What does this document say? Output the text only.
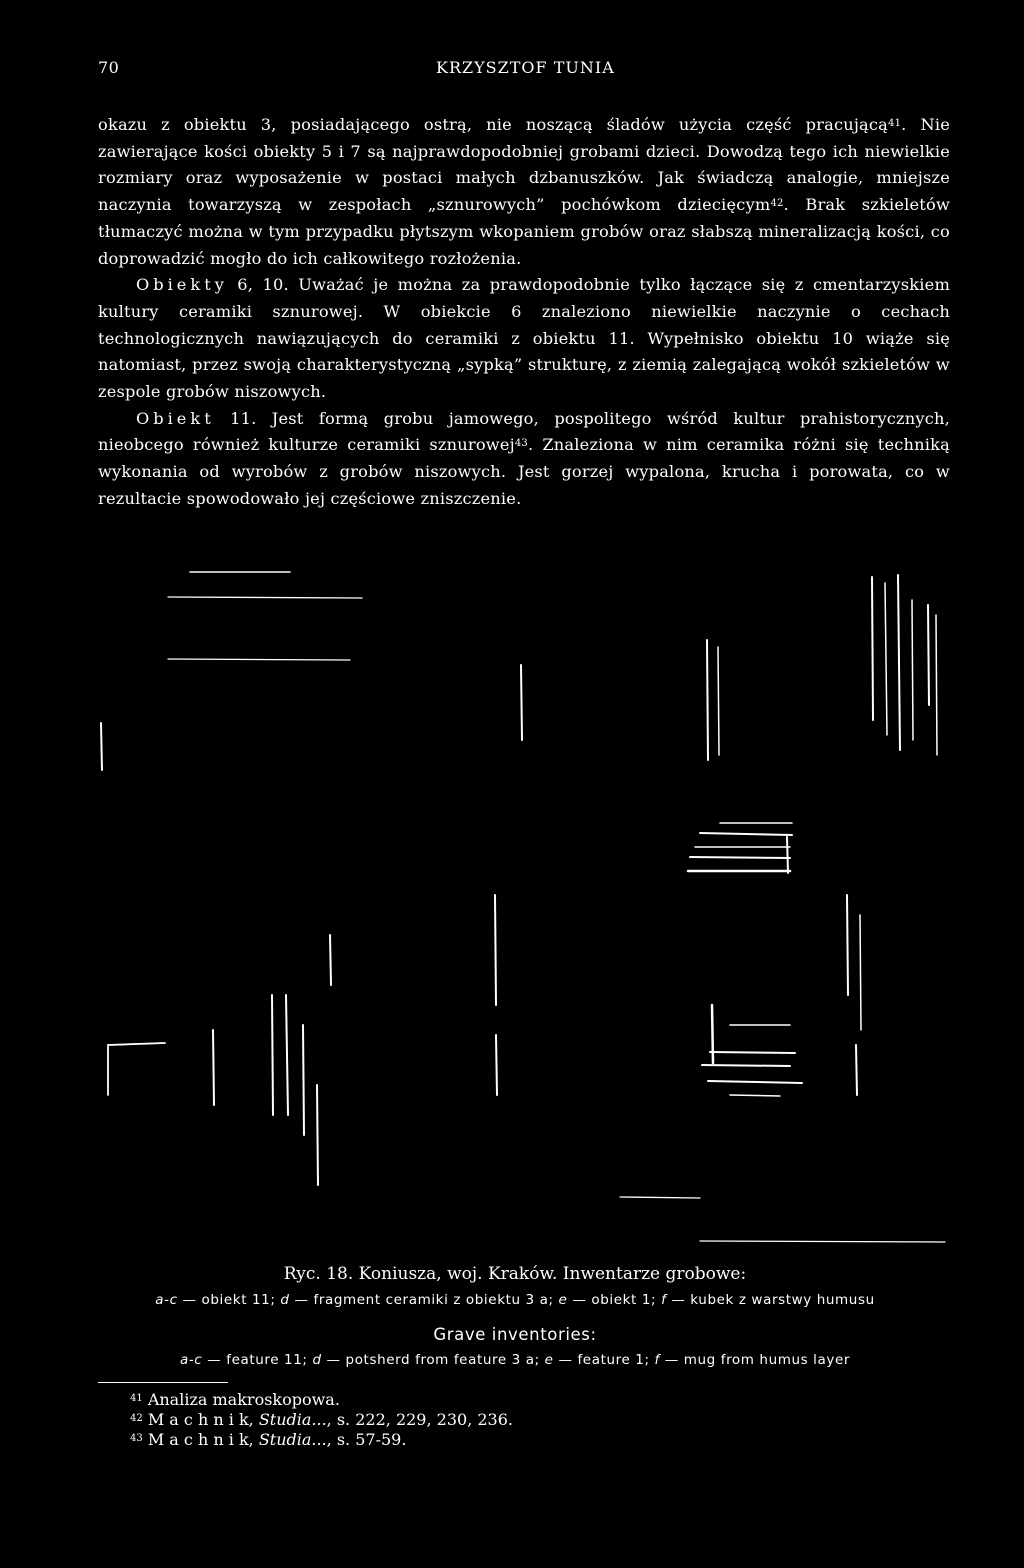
70	KRZYSZTOF TUNIA

okazu z obiektu 3, posiadającego ostrą, nie noszącą śladów użycia część pracującą$^{41}$. Nie zawierające kości obiekty 5 i 7 są najprawdopodobniej grobami dzieci. Dowodzą tego ich niewielkie rozmiary oraz wyposażenie w postaci małych dzbanuszków. Jak świadczą analogie, mniejsze naczynia towarzyszą w zespołach „sznurowych” pochówkom dziecięcym$^{42}$. Brak szkieletów tłumaczyć można w tym przypadku płytszym wkopaniem grobów oraz słabszą mineralizacją kości, co doprowadzić mogło do ich całkowitego rozłożenia.

Obiekty 6, 10. Uważać je można za prawdopodobnie tylko łączące się z cmentarzyskiem kultury ceramiki sznurowej. W obiekcie 6 znaleziono niewielkie naczynie o cechach technologicznych nawiązujących do ceramiki z obiektu 11. Wypełnisko obiektu 10 wiąże się natomiast, przez swoją charakterystyczną „sypką” strukturę, z ziemią zalegającą wokół szkieletów w zespole grobów niszowych.

Obiekt 11. Jest formą grobu jamowego, pospolitego wśród kultur prahistorycznych, nieobcego również kulturze ceramiki sznurowej$^{43}$. Znaleziona w nim ceramika różni się techniką wykonania od wyrobów z grobów niszowych. Jest gorzej wypalona, krucha i porowata, co w rezultacie spowodowało jej częściowe zniszczenie.

Ryc. 18. Koniusza, woj. Kraków. Inwentarze grobowe:
a-c — obiekt 11; d — fragment ceramiki z obiektu 3 a; e — obiekt 1; f — kubek z warstwy humusu
Grave inventories:
a-c — feature 11; d — potsherd from feature 3 a; e — feature 1; f — mug from humus layer

$^{41}$ Analiza makroskopowa.

$^{42}$ M a c h n i k, Studia..., s. 222, 229, 230, 236.

$^{43}$ M a c h n i k, Studia..., s. 57-59.
